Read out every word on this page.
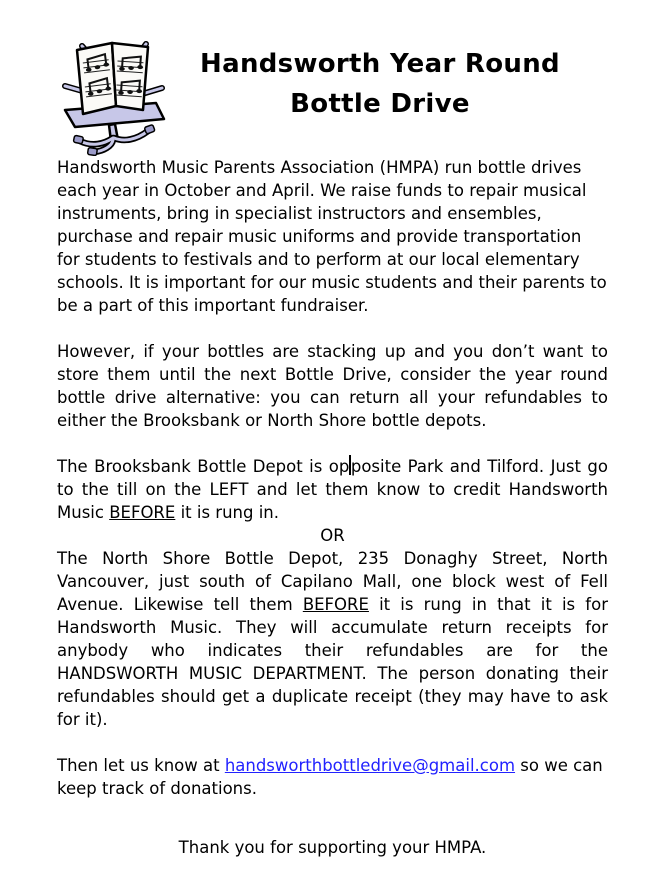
Handsworth Year Round
Bottle Drive

Handsworth Music Parents Association (HMPA) run bottle drives each year in October and April. We raise funds to repair musical instruments, bring in specialist instructors and ensembles, purchase and repair music uniforms and provide transportation for students to festivals and to perform at our local elementary schools. It is important for our music students and their parents to be a part of this important fundraiser.

However, if your bottles are stacking up and you don’t want to store them until the next Bottle Drive, consider the year round bottle drive alternative: you can return all your refundables to either the Brooksbank or North Shore bottle depots.

The Brooksbank Bottle Depot is opposite Park and Tilford. Just go to the till on the LEFT and let them know to credit Handsworth Music BEFORE it is rung in.

OR

The North Shore Bottle Depot, 235 Donaghy Street, North Vancouver, just south of Capilano Mall, one block west of Fell Avenue. Likewise tell them BEFORE it is rung in that it is for Handsworth Music. They will accumulate return receipts for anybody who indicates their refundables are for the HANDSWORTH MUSIC DEPARTMENT. The person donating their refundables should get a duplicate receipt (they may have to ask for it).

Then let us know at handsworthbottledrive@gmail.com so we can keep track of donations.

Thank you for supporting your HMPA.
